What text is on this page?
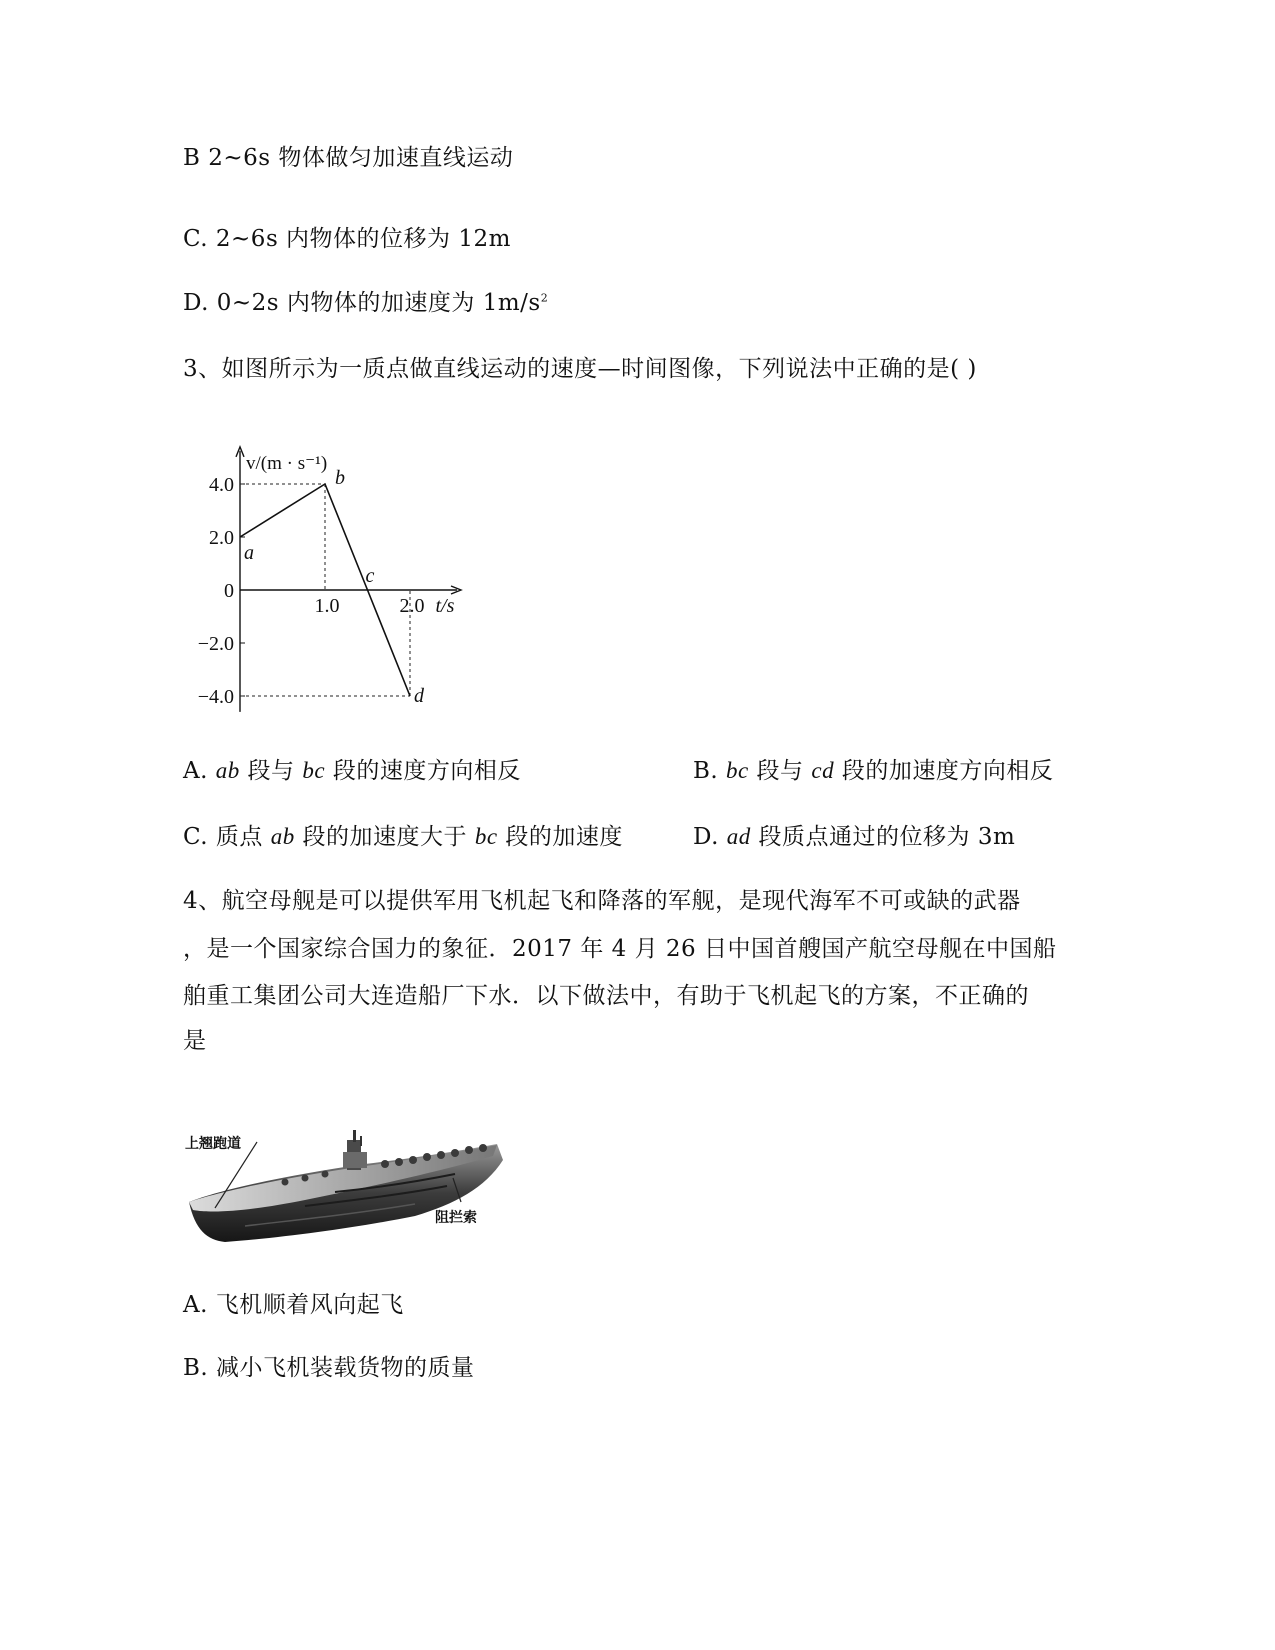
B 2~6s 物体做匀加速直线运动
C. 2~6s 内物体的位移为 12m
D. 0~2s 内物体的加速度为 $1m/s^2$
3、如图所示为一质点做直线运动的速度—时间图像，下列说法中正确的是( )
4.0
2.0
0
−2.0
−4.0
1.0	2.0
v/(m · s⁻¹)
t/s
a
b
c
d
A. ab 段与 bc 段的速度方向相反	B. bc 段与 cd 段的加速度方向相反
C. 质点 ab 段的加速度大于 bc 段的加速度	D. ad 段质点通过的位移为 3m
4、航空母舰是可以提供军用飞机起飞和降落的军舰，是现代海军不可或缺的武器
，是一个国家综合国力的象征．2017 年 4 月 26 日中国首艘国产航空母舰在中国船
舶重工集团公司大连造船厂下水．以下做法中，有助于飞机起飞的方案，不正确的
是
上翘跑道
阻拦索
A. 飞机顺着风向起飞
B. 减小飞机装载货物的质量
